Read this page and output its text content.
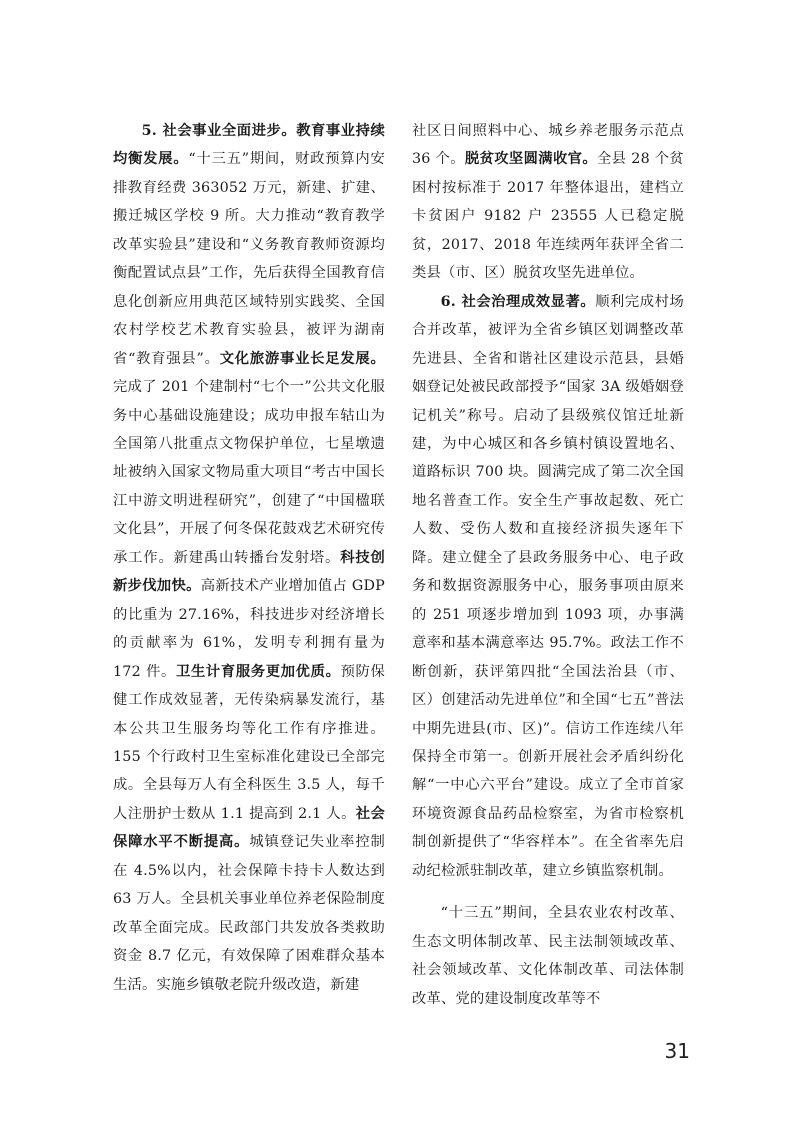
5. 社会事业全面进步。教育事业持续均衡发展。“十三五”期间，财政预算内安排教育经费 363052 万元，新建、扩建、搬迁城区学校 9 所。大力推动“教育教学改革实验县”建设和“义务教育教师资源均衡配置试点县”工作，先后获得全国教育信息化创新应用典范区域特别实践奖、全国农村学校艺术教育实验县，被评为湖南省“教育强县”。文化旅游事业长足发展。完成了 201 个建制村“七个一”公共文化服务中心基础设施建设；成功申报车轱山为全国第八批重点文物保护单位，七星墩遗址被纳入国家文物局重大项目“考古中国长江中游文明进程研究”，创建了“中国楹联文化县”，开展了何冬保花鼓戏艺术研究传承工作。新建禹山转播台发射塔。科技创新步伐加快。高新技术产业增加值占 GDP 的比重为 27.16%，科技进步对经济增长的贡献率为 61%，发明专利拥有量为 172 件。卫生计育服务更加优质。预防保健工作成效显著，无传染病暴发流行，基本公共卫生服务均等化工作有序推进。155 个行政村卫生室标准化建设已全部完成。全县每万人有全科医生 3.5 人，每千人注册护士数从 1.1 提高到 2.1 人。社会保障水平不断提高。城镇登记失业率控制在 4.5%以内，社会保障卡持卡人数达到 63 万人。全县机关事业单位养老保险制度改革全面完成。民政部门共发放各类救助资金 8.7 亿元，有效保障了困难群众基本生活。实施乡镇敬老院升级改造，新建

社区日间照料中心、城乡养老服务示范点 36 个。脱贫攻坚圆满收官。全县 28 个贫困村按标准于 2017 年整体退出，建档立卡贫困户 9182 户 23555 人已稳定脱贫，2017、2018 年连续两年获评全省二类县（市、区）脱贫攻坚先进单位。

6. 社会治理成效显著。顺利完成村场合并改革，被评为全省乡镇区划调整改革先进县、全省和谐社区建设示范县，县婚姻登记处被民政部授予“国家 3A 级婚姻登记机关”称号。启动了县级殡仪馆迁址新建，为中心城区和各乡镇村镇设置地名、道路标识 700 块。圆满完成了第二次全国地名普查工作。安全生产事故起数、死亡人数、受伤人数和直接经济损失逐年下降。建立健全了县政务服务中心、电子政务和数据资源服务中心，服务事项由原来的 251 项逐步增加到 1093 项，办事满意率和基本满意率达 95.7%。政法工作不断创新，获评第四批“全国法治县（市、区）创建活动先进单位”和全国“七五”普法中期先进县(市、区)”。信访工作连续八年保持全市第一。创新开展社会矛盾纠纷化解“一中心六平台”建设。成立了全市首家环境资源食品药品检察室，为省市检察机制创新提供了“华容样本”。在全省率先启动纪检派驻制改革，建立乡镇监察机制。

“十三五”期间，全县农业农村改革、生态文明体制改革、民主法制领域改革、社会领域改革、文化体制改革、司法体制改革、党的建设制度改革等不

31
